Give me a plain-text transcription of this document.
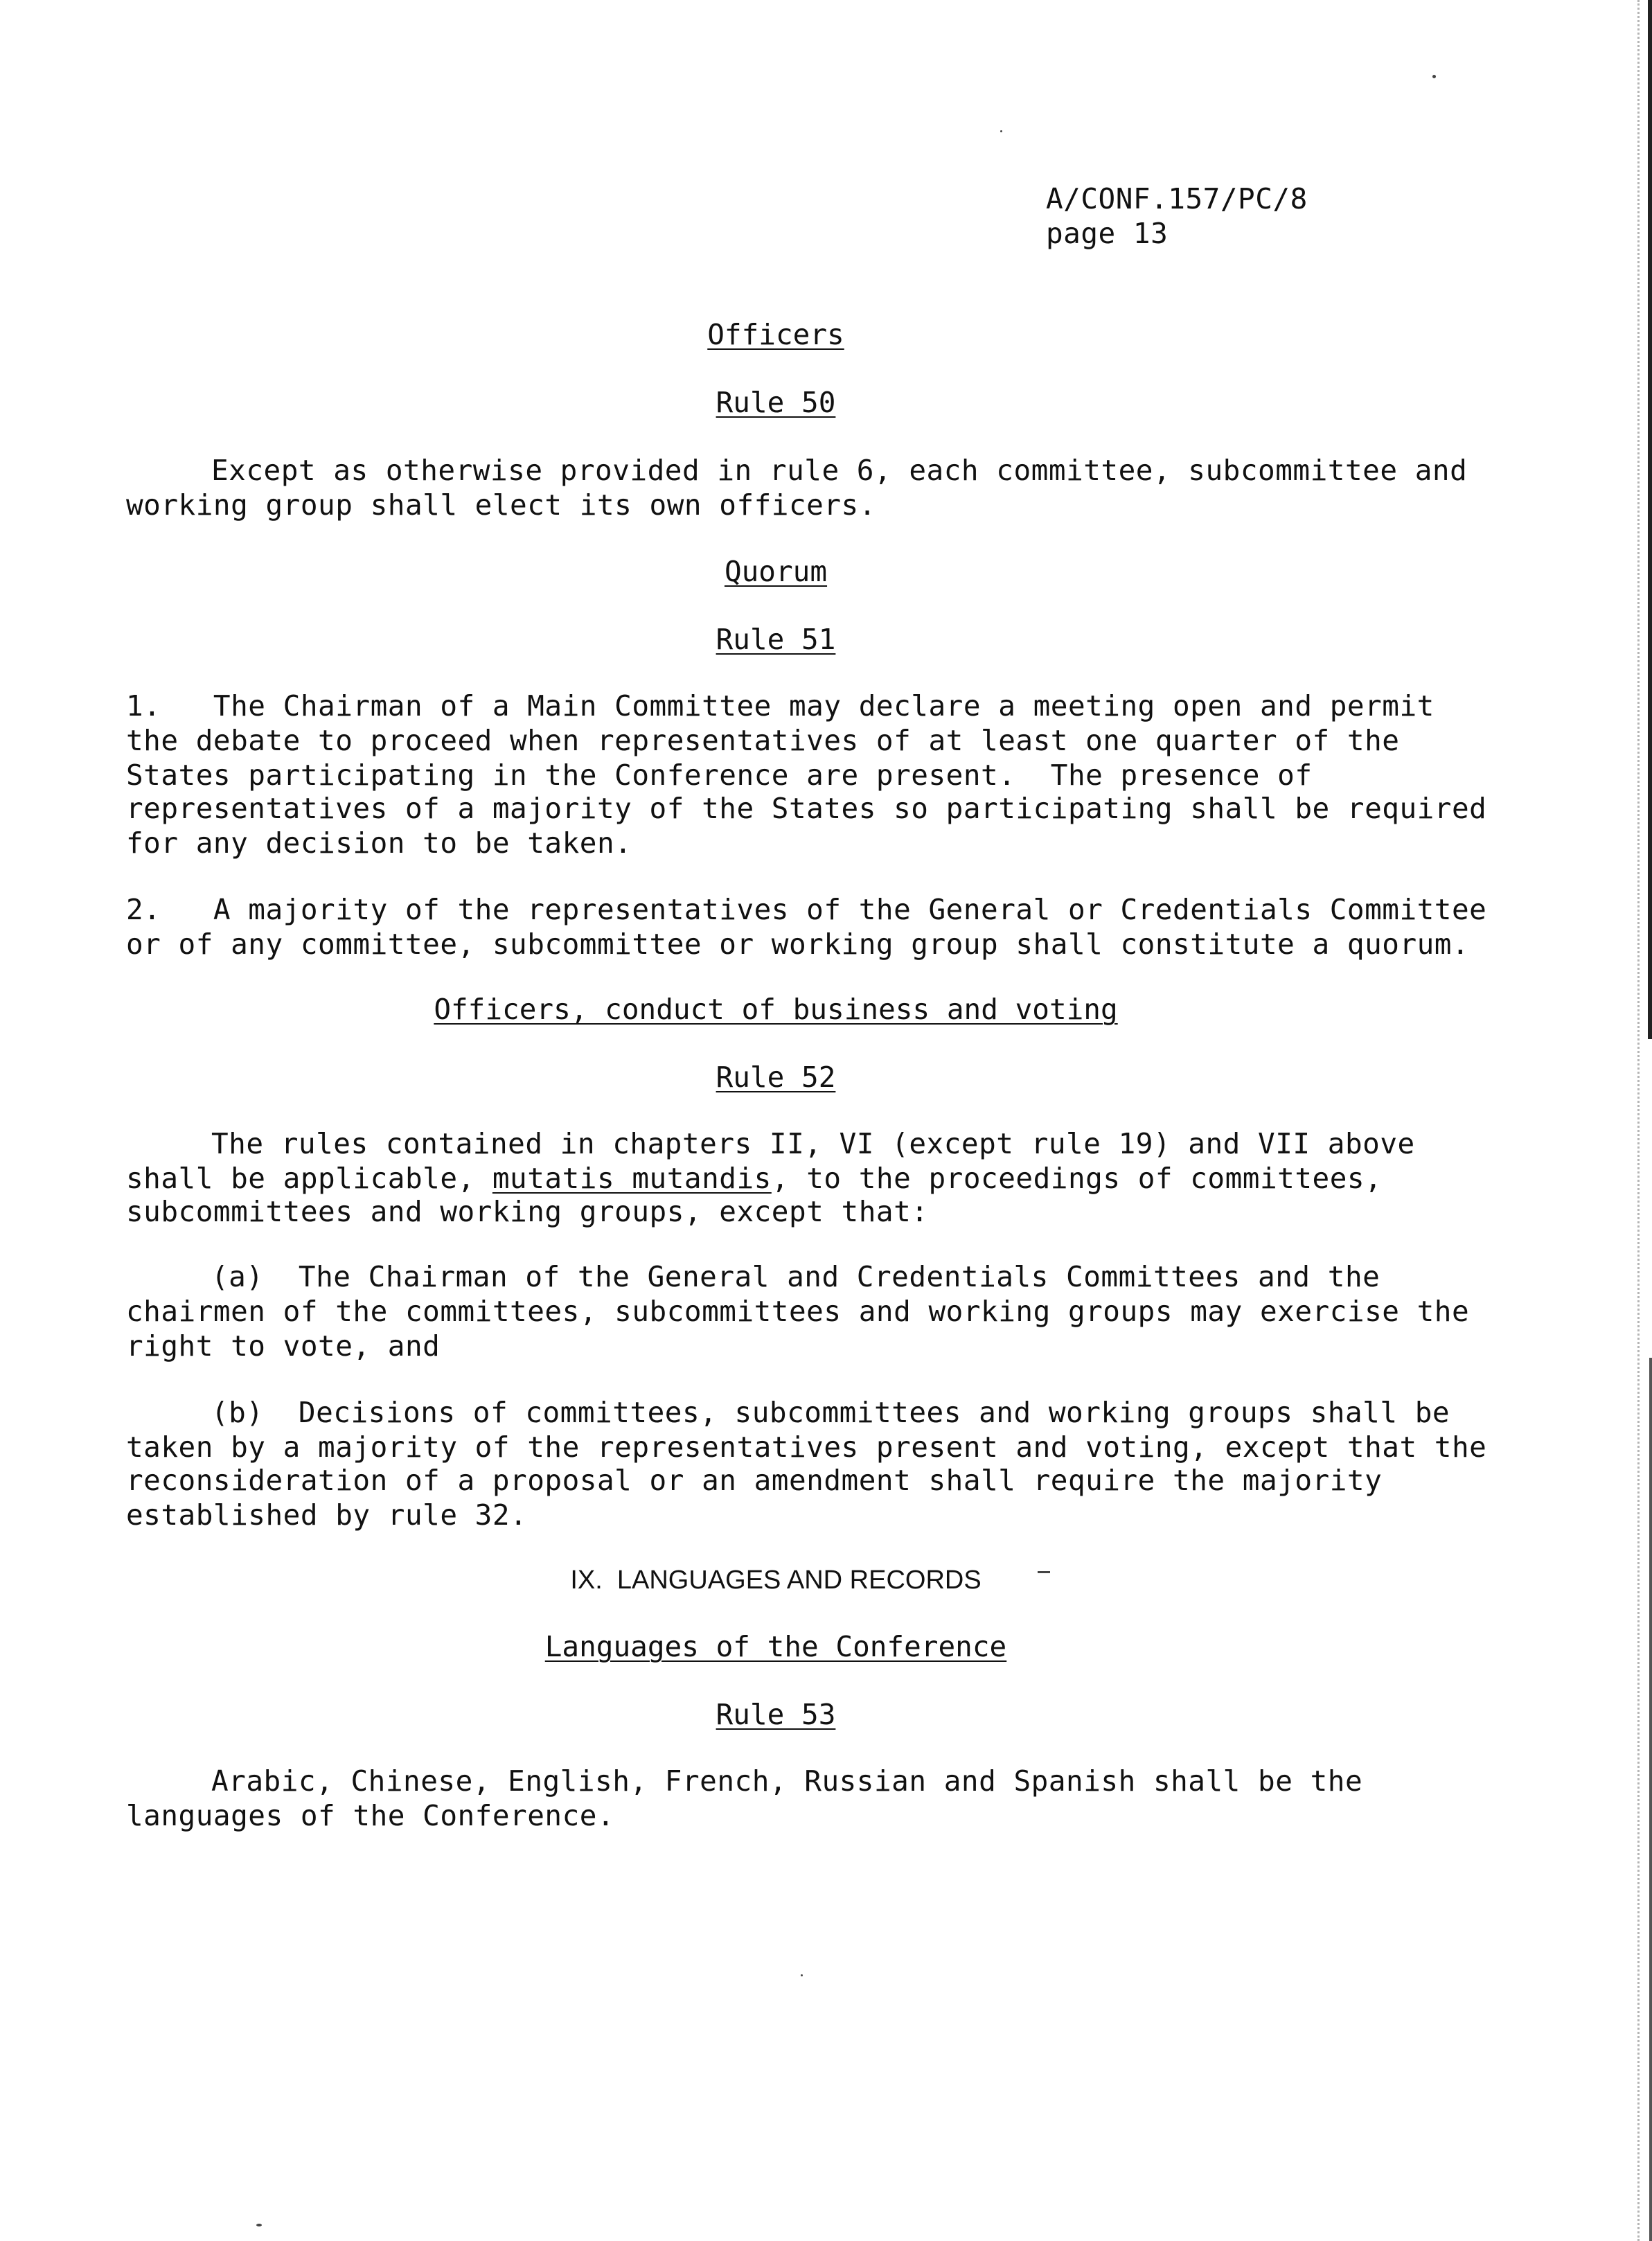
A/CONF.157/PC/8
page 13
Officers
Rule 50
Except as otherwise provided in rule 6, each committee, subcommittee and
working group shall elect its own officers.
Quorum
Rule 51
1.   The Chairman of a Main Committee may declare a meeting open and permit
the debate to proceed when representatives of at least one quarter of the
States participating in the Conference are present.  The presence of
representatives of a majority of the States so participating shall be required
for any decision to be taken.
2.   A majority of the representatives of the General or Credentials Committee
or of any committee, subcommittee or working group shall constitute a quorum.
Officers, conduct of business and voting
Rule 52
The rules contained in chapters II, VI (except rule 19) and VII above
shall be applicable, mutatis mutandis, to the proceedings of committees,
subcommittees and working groups, except that:
(a)  The Chairman of the General and Credentials Committees and the
chairmen of the committees, subcommittees and working groups may exercise the
right to vote, and
(b)  Decisions of committees, subcommittees and working groups shall be
taken by a majority of the representatives present and voting, except that the
reconsideration of a proposal or an amendment shall require the majority
established by rule 32.
IX.  LANGUAGES AND RECORDS
Languages of the Conference
Rule 53
Arabic, Chinese, English, French, Russian and Spanish shall be the
languages of the Conference.
